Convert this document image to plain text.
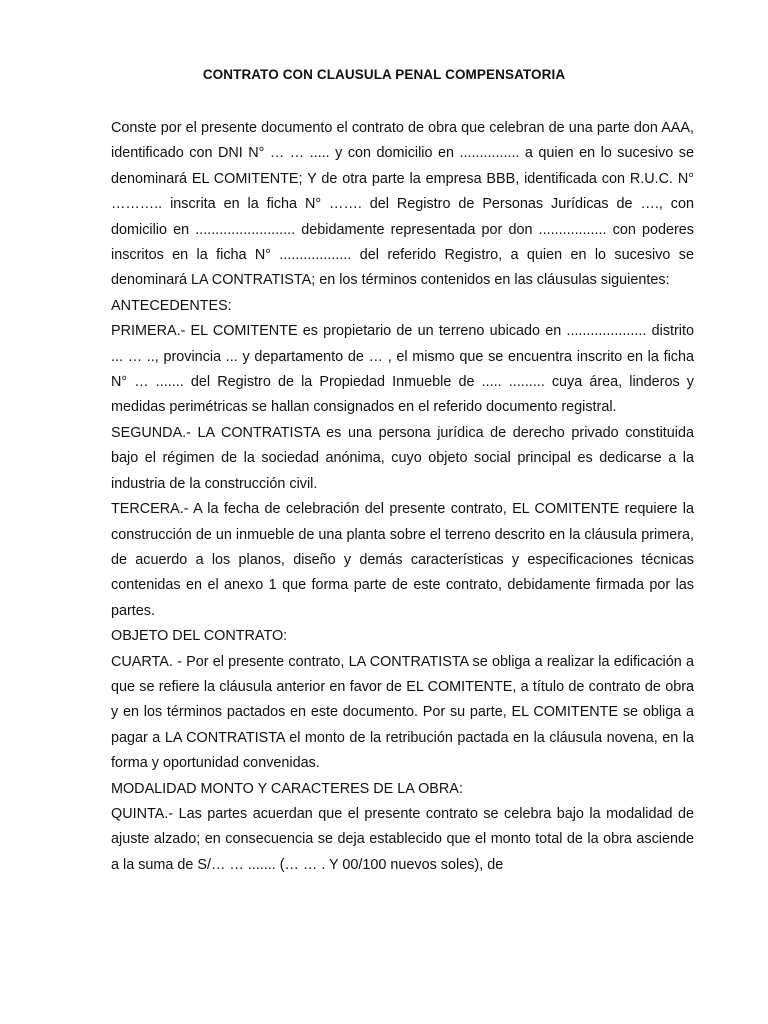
CONTRATO CON CLAUSULA PENAL COMPENSATORIA

Conste por el presente documento el contrato de obra que celebran de una parte don AAA, identificado con DNI N° … … ..... y con domicilio en ............... a quien en lo sucesivo se denominará EL COMITENTE; Y de otra parte la empresa BBB, identificada con R.U.C. N° ……….. inscrita en la ficha N° ……. del Registro de Personas Jurídicas de …., con domicilio en ......................... debidamente representada por don ................. con poderes inscritos en la ficha N° .................. del referido Registro, a quien en lo sucesivo se denominará LA CONTRATISTA; en los términos contenidos en las cláusulas siguientes:

ANTECEDENTES:

PRIMERA.- EL COMITENTE es propietario de un terreno ubicado en .................... distrito ... … .., provincia ... y departamento de … , el mismo que se encuentra inscrito en la ficha N° … ....... del Registro de la Propiedad Inmueble de ..... ......... cuya área, linderos y medidas perimétricas se hallan consignados en el referido documento registral.

SEGUNDA.- LA CONTRATISTA es una persona jurídica de derecho privado constituida bajo el régimen de la sociedad anónima, cuyo objeto social principal es dedicarse a la industria de la construcción civil.

TERCERA.- A la fecha de celebración del presente contrato, EL COMITENTE requiere la construcción de un inmueble de una planta sobre el terreno descrito en la cláusula primera, de acuerdo a los planos, diseño y demás características y especificaciones técnicas contenidas en el anexo 1 que forma parte de este contrato, debidamente firmada por las partes.

OBJETO DEL CONTRATO:

CUARTA. - Por el presente contrato, LA CONTRATISTA se obliga a realizar la edificación a que se refiere la cláusula anterior en favor de EL COMITENTE, a título de contrato de obra y en los términos pactados en este documento. Por su parte, EL COMITENTE se obliga a pagar a LA CONTRATISTA el monto de la retribución pactada en la cláusula novena, en la forma y oportunidad convenidas.

MODALIDAD MONTO Y CARACTERES DE LA OBRA:

QUINTA.- Las partes acuerdan que el presente contrato se celebra bajo la modalidad de ajuste alzado; en consecuencia se deja establecido que el monto total de la obra asciende a la suma de S/… … ....... (… … . Y 00/100 nuevos soles), de
